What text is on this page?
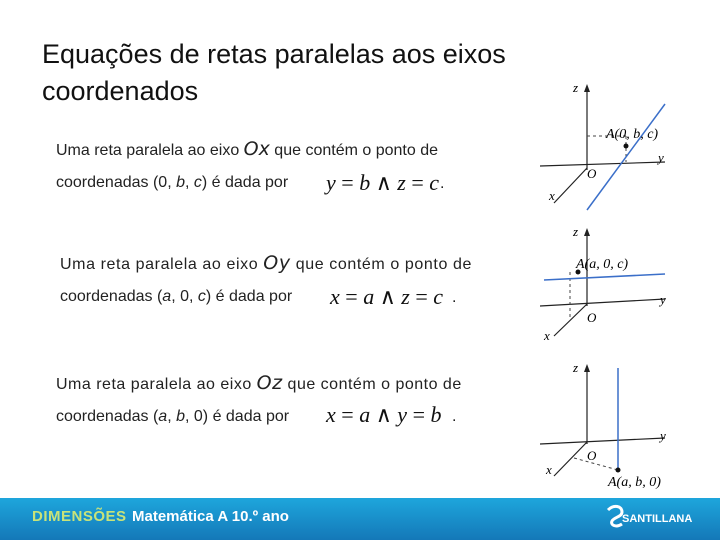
Equações de retas paralelas aos eixos coordenados
Uma reta paralela ao eixo Ox que contém o ponto de
coordenadas (0, b, c) é dada por y = b ∧ z = c .
Uma reta paralela ao eixo Oy que contém o ponto de
coordenadas (a, 0, c) é dada por x = a ∧ z = c .
Uma reta paralela ao eixo Oz que contém o ponto de
coordenadas (a, b, 0) é dada por x = a ∧ y = b .
z
A(0, b, c)
y
O
x
z
A(a, 0, c)
y
O
x
z
y
O
x
A(a, b, 0)
DIMENSÕES Matemática A 10.º ano	SANTILLANA
